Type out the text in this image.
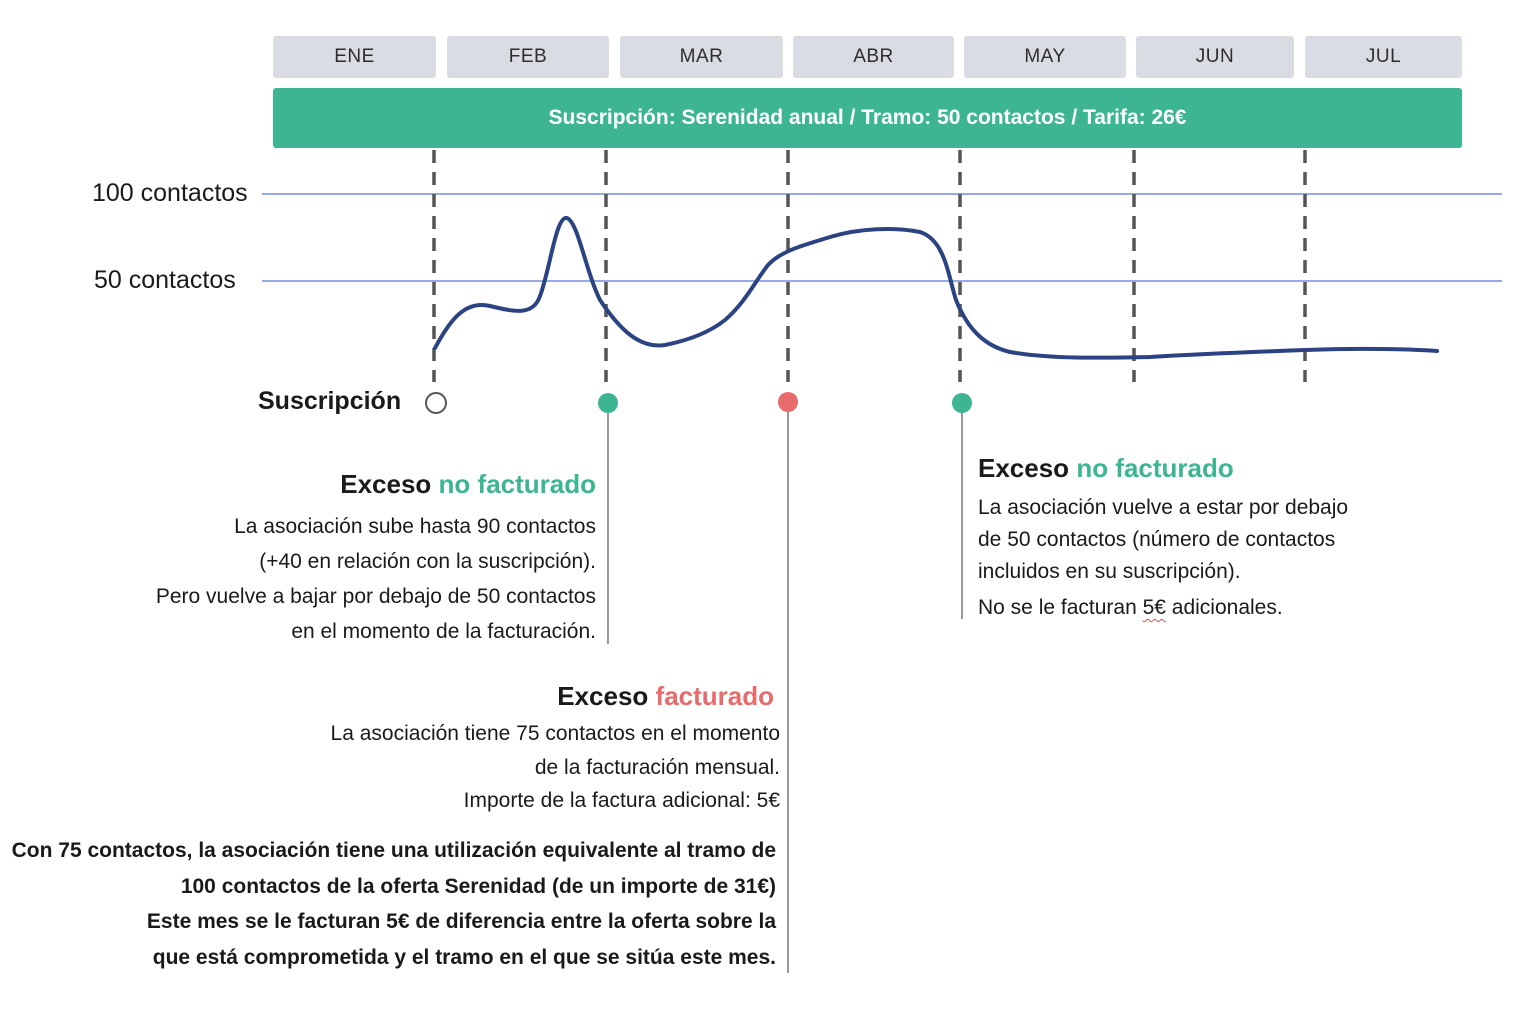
ENE	FEB	MAR	ABR	MAY	JUN	JUL
Suscripción: Serenidad anual / Tramo: 50 contactos / Tarifa: 26€
100 contactos
50 contactos
Suscripción
Exceso no facturado
La asociación sube hasta 90 contactos
(+40 en relación con la suscripción).
Pero vuelve a bajar por debajo de 50 contactos
en el momento de la facturación.
Exceso facturado
La asociación tiene 75 contactos en el momento
de la facturación mensual.
Importe de la factura adicional: 5€
Con 75 contactos, la asociación tiene una utilización equivalente al tramo de
100 contactos de la oferta Serenidad (de un importe de 31€)
Este mes se le facturan 5€ de diferencia entre la oferta sobre la
que está comprometida y el tramo en el que se sitúa este mes.
Exceso no facturado
La asociación vuelve a estar por debajo
de 50 contactos (número de contactos
incluidos en su suscripción).
No se le facturan 5€ adicionales.
